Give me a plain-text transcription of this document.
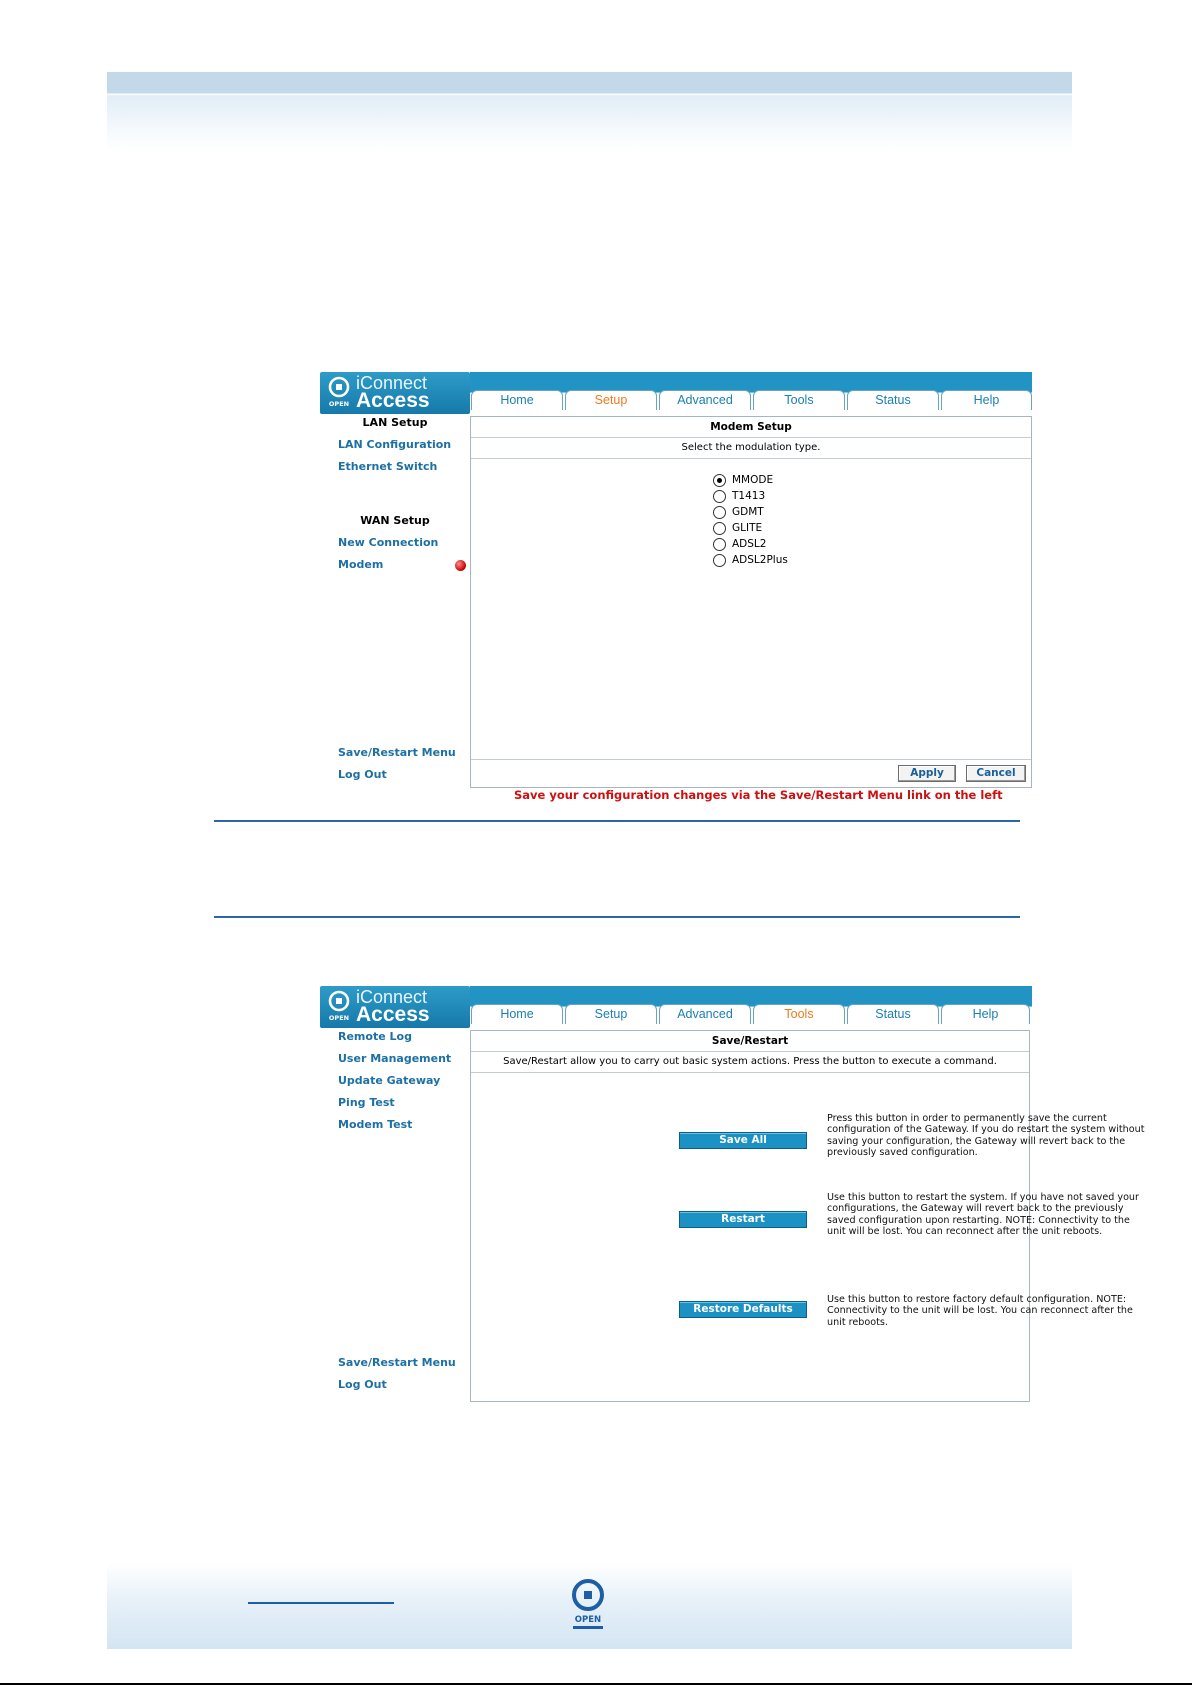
OPEN
iConnect
Access	Home	Setup	Advanced	Tools	Status	Help
LAN Setup
LAN Configuration
Ethernet Switch
WAN Setup
New Connection
Modem
Save/Restart Menu
Log Out
Modem Setup
Select the modulation type.
MMODE
T1413
GDMT
GLITE
ADSL2
ADSL2Plus
Apply	Cancel
Save your configuration changes via the Save/Restart Menu link on the left
OPEN
iConnect
Access	Home	Setup	Advanced	Tools	Status	Help
Remote Log
User Management
Update Gateway
Ping Test
Modem Test
Save/Restart Menu
Log Out
Save/Restart
Save/Restart allow you to carry out basic system actions. Press the button to execute a command.
Save All
Press this button in order to permanently save the current configuration of the Gateway. If you do restart the system without saving your configuration, the Gateway will revert back to the previously saved configuration.
Restart
Use this button to restart the system. If you have not saved your configurations, the Gateway will revert back to the previously saved configuration upon restarting. NOTE: Connectivity to the unit will be lost. You can reconnect after the unit reboots.
Restore Defaults
Use this button to restore factory default configuration. NOTE: Connectivity to the unit will be lost. You can reconnect after the unit reboots.
OPEN
